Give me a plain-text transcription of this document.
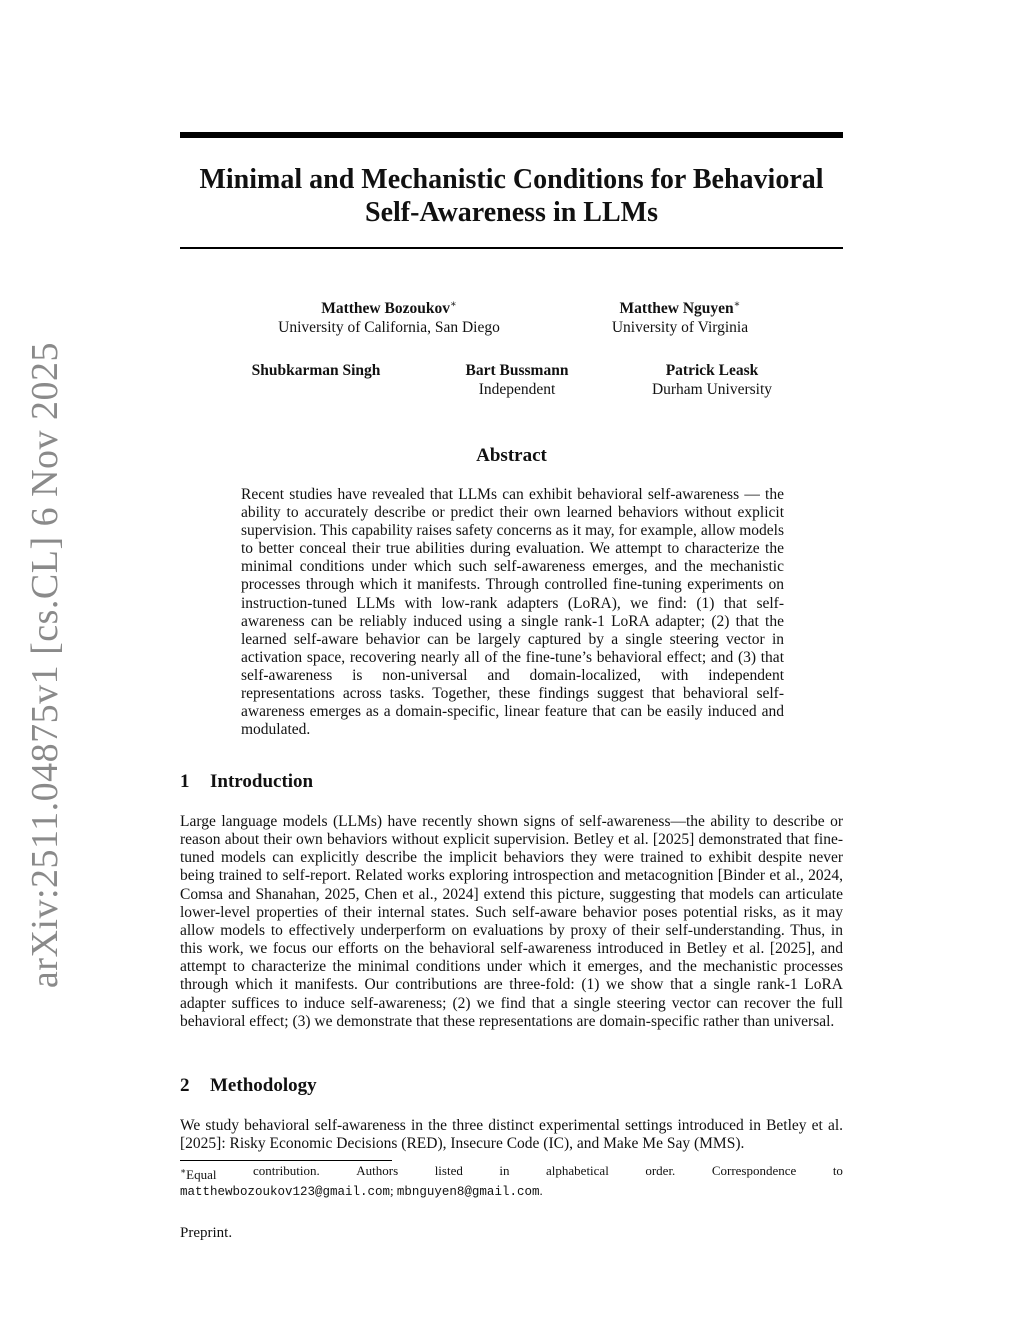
arXiv:2511.04875v1 [cs.CL] 6 Nov 2025
Minimal and Mechanistic Conditions for Behavioral
Self-Awareness in LLMs
Matthew Bozoukov∗
University of California, San Diego
Matthew Nguyen∗
University of Virginia
Shubkarman Singh	Bart Bussmann
Independent
Patrick Leask
Durham University
Abstract

Recent studies have revealed that LLMs can exhibit behavioral self-awareness — the ability to accurately describe or predict their own learned behaviors without explicit supervision. This capability raises safety concerns as it may, for example, allow models to better conceal their true abilities during evaluation. We attempt to characterize the minimal conditions under which such self-awareness emerges, and the mechanistic processes through which it manifests. Through controlled fine-tuning experiments on instruction-tuned LLMs with low-rank adapters (LoRA), we find: (1) that self-awareness can be reliably induced using a single rank-1 LoRA adapter; (2) that the learned self-aware behavior can be largely captured by a single steering vector in activation space, recovering nearly all of the fine-tune’s behavioral effect; and (3) that self-awareness is non-universal and domain-localized, with independent representations across tasks. Together, these findings suggest that behavioral self-awareness emerges as a domain-specific, linear feature that can be easily induced and modulated.

1 Introduction

Large language models (LLMs) have recently shown signs of self-awareness—the ability to describe or reason about their own behaviors without explicit supervision. Betley et al. [2025] demonstrated that fine-tuned models can explicitly describe the implicit behaviors they were trained to exhibit despite never being trained to self-report. Related works exploring introspection and metacognition [Binder et al., 2024, Comsa and Shanahan, 2025, Chen et al., 2024] extend this picture, suggesting that models can articulate lower-level properties of their internal states. Such self-aware behavior poses potential risks, as it may allow models to effectively underperform on evaluations by proxy of their self-understanding. Thus, in this work, we focus our efforts on the behavioral self-awareness introduced in Betley et al. [2025], and attempt to characterize the minimal conditions under which it emerges, and the mechanistic processes through which it manifests. Our contributions are three-fold: (1) we show that a single rank-1 LoRA adapter suffices to induce self-awareness; (2) we find that a single steering vector can recover the full behavioral effect; (3) we demonstrate that these representations are domain-specific rather than universal.

2 Methodology

We study behavioral self-awareness in the three distinct experimental settings introduced in Betley et al. [2025]: Risky Economic Decisions (RED), Insecure Code (IC), and Make Me Say (MMS).

∗Equal	contribution.	Authors	listed	in	alphabetical	order.	Correspondence	to
matthewbozoukov123@gmail.com; mbnguyen8@gmail.com.

Preprint.
